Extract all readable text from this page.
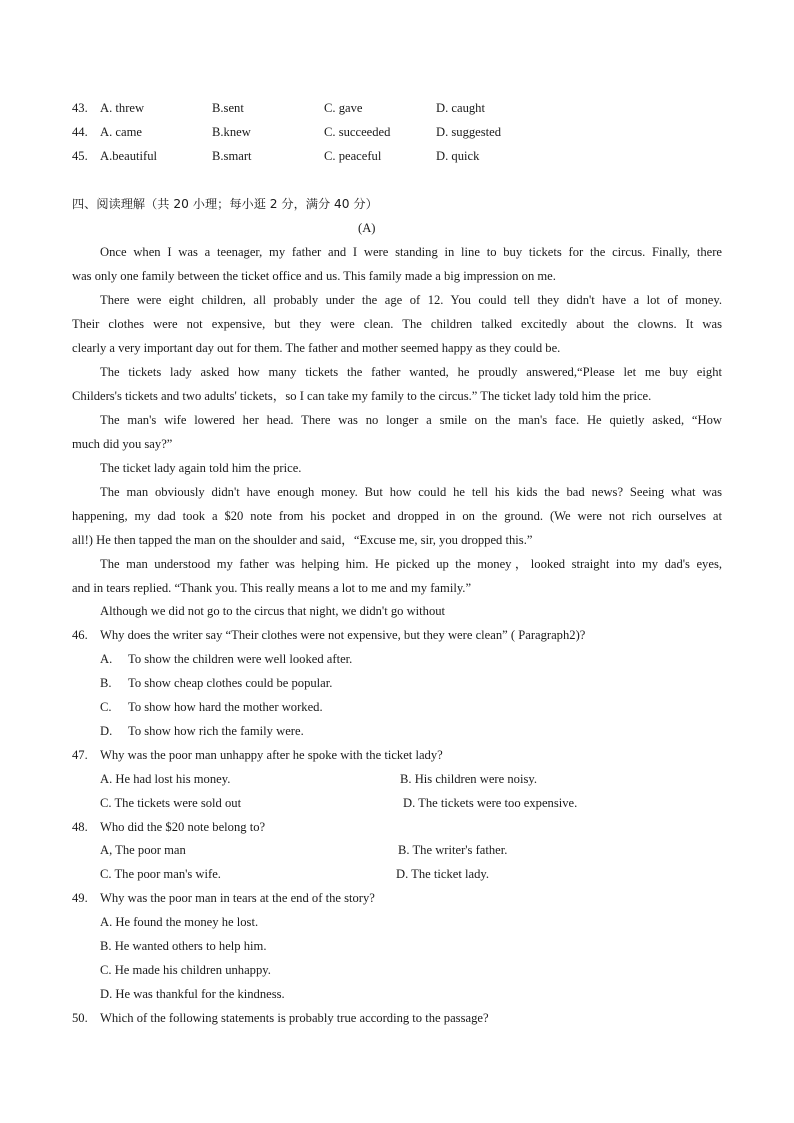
43. A. threw	B.sent	C. gave	D. caught
44. A. came	B.knew	C. succeeded	D. suggested
45. A.beautiful	B.smart	C. peaceful	D. quick
四、阅读理解（共 20 小理；每小逛 2 分，满分 40 分）
(A)
Once when I was a teenager, my father and I were standing in line to buy tickets for the circus. Finally, there
was only one family between the ticket office and us. This family made a big impression on me.
There were eight children, all probably under the age of 12. You could tell they didn't have a lot of money.
Their clothes were not expensive, but they were clean. The children talked excitedly about the clowns. It was
clearly a very important day out for them. The father and mother seemed happy as they could be.
The tickets lady asked how many tickets the father wanted, he proudly answered,“Please let me buy eight
Childers's tickets and two adults' tickets，so I can take my family to the circus.” The ticket lady told him the price.
The man's wife lowered her head. There was no longer a smile on the man's face. He quietly asked, “How
much did you say?”
The ticket lady again told him the price.
The man obviously didn't have enough money. But how could he tell his kids the bad news? Seeing what was
happening, my dad took a $20 note from his pocket and dropped in on the ground. (We were not rich ourselves at
all!) He then tapped the man on the shoulder and said，“Excuse me, sir, you dropped this.”
The man understood my father was helping him. He picked up the money，looked straight into my dad's eyes,
and in tears replied. “Thank you. This really means a lot to me and my family.”
Although we did not go to the circus that night, we didn't go without
46. Why does the writer say “Their clothes were not expensive, but they were clean” ( Paragraph2)?
A. To show the children were well looked after.
B. To show cheap clothes could be popular.
C. To show how hard the mother worked.
D. To show how rich the family were.
47. Why was the poor man unhappy after he spoke with the ticket lady?
A. He had lost his money.	B. His children were noisy.
C. The tickets were sold out	D. The tickets were too expensive.
48. Who did the $20 note belong to?
A, The poor man	B. The writer's father.
C. The poor man's wife.	D. The ticket lady.
49. Why was the poor man in tears at the end of the story?
A. He found the money he lost.
B. He wanted others to help him.
C. He made his children unhappy.
D. He was thankful for the kindness.
50. Which of the following statements is probably true according to the passage?
